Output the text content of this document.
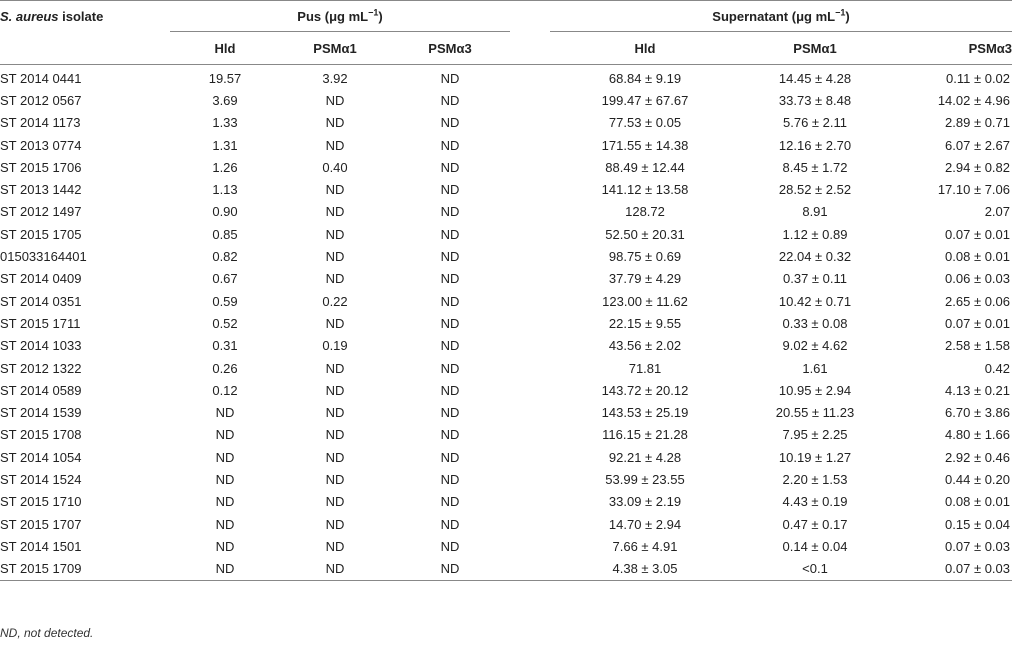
S. aureus isolate	Pus (μg $mL^{-1}$)				Supernatant (μg $mL^{-1}$)		
	Hld	PSMα1	PSMα3		Hld	PSMα1	PSMα3
ST 2014 0441	19.57	3.92	ND		68.84 ± 9.19	14.45 ± 4.28	0.11 ± 0.02
ST 2012 0567	3.69	ND	ND		199.47 ± 67.67	33.73 ± 8.48	14.02 ± 4.96
ST 2014 1173	1.33	ND	ND		77.53 ± 0.05	5.76 ± 2.11	2.89 ± 0.71
ST 2013 0774	1.31	ND	ND		171.55 ± 14.38	12.16 ± 2.70	6.07 ± 2.67
ST 2015 1706	1.26	0.40	ND		88.49 ± 12.44	8.45 ± 1.72	2.94 ± 0.82
ST 2013 1442	1.13	ND	ND		141.12 ± 13.58	28.52 ± 2.52	17.10 ± 7.06
ST 2012 1497	0.90	ND	ND		128.72	8.91	2.07
ST 2015 1705	0.85	ND	ND		52.50 ± 20.31	1.12 ± 0.89	0.07 ± 0.01
015033164401	0.82	ND	ND		98.75 ± 0.69	22.04 ± 0.32	0.08 ± 0.01
ST 2014 0409	0.67	ND	ND		37.79 ± 4.29	0.37 ± 0.11	0.06 ± 0.03
ST 2014 0351	0.59	0.22	ND		123.00 ± 11.62	10.42 ± 0.71	2.65 ± 0.06
ST 2015 1711	0.52	ND	ND		22.15 ± 9.55	0.33 ± 0.08	0.07 ± 0.01
ST 2014 1033	0.31	0.19	ND		43.56 ± 2.02	9.02 ± 4.62	2.58 ± 1.58
ST 2012 1322	0.26	ND	ND		71.81	1.61	0.42
ST 2014 0589	0.12	ND	ND		143.72 ± 20.12	10.95 ± 2.94	4.13 ± 0.21
ST 2014 1539	ND	ND	ND		143.53 ± 25.19	20.55 ± 11.23	6.70 ± 3.86
ST 2015 1708	ND	ND	ND		116.15 ± 21.28	7.95 ± 2.25	4.80 ± 1.66
ST 2014 1054	ND	ND	ND		92.21 ± 4.28	10.19 ± 1.27	2.92 ± 0.46
ST 2014 1524	ND	ND	ND		53.99 ± 23.55	2.20 ± 1.53	0.44 ± 0.20
ST 2015 1710	ND	ND	ND		33.09 ± 2.19	4.43 ± 0.19	0.08 ± 0.01
ST 2015 1707	ND	ND	ND		14.70 ± 2.94	0.47 ± 0.17	0.15 ± 0.04
ST 2014 1501	ND	ND	ND		7.66 ± 4.91	0.14 ± 0.04	0.07 ± 0.03
ST 2015 1709	ND	ND	ND		4.38 ± 3.05	<0.1	0.07 ± 0.03
ND, not detected.
